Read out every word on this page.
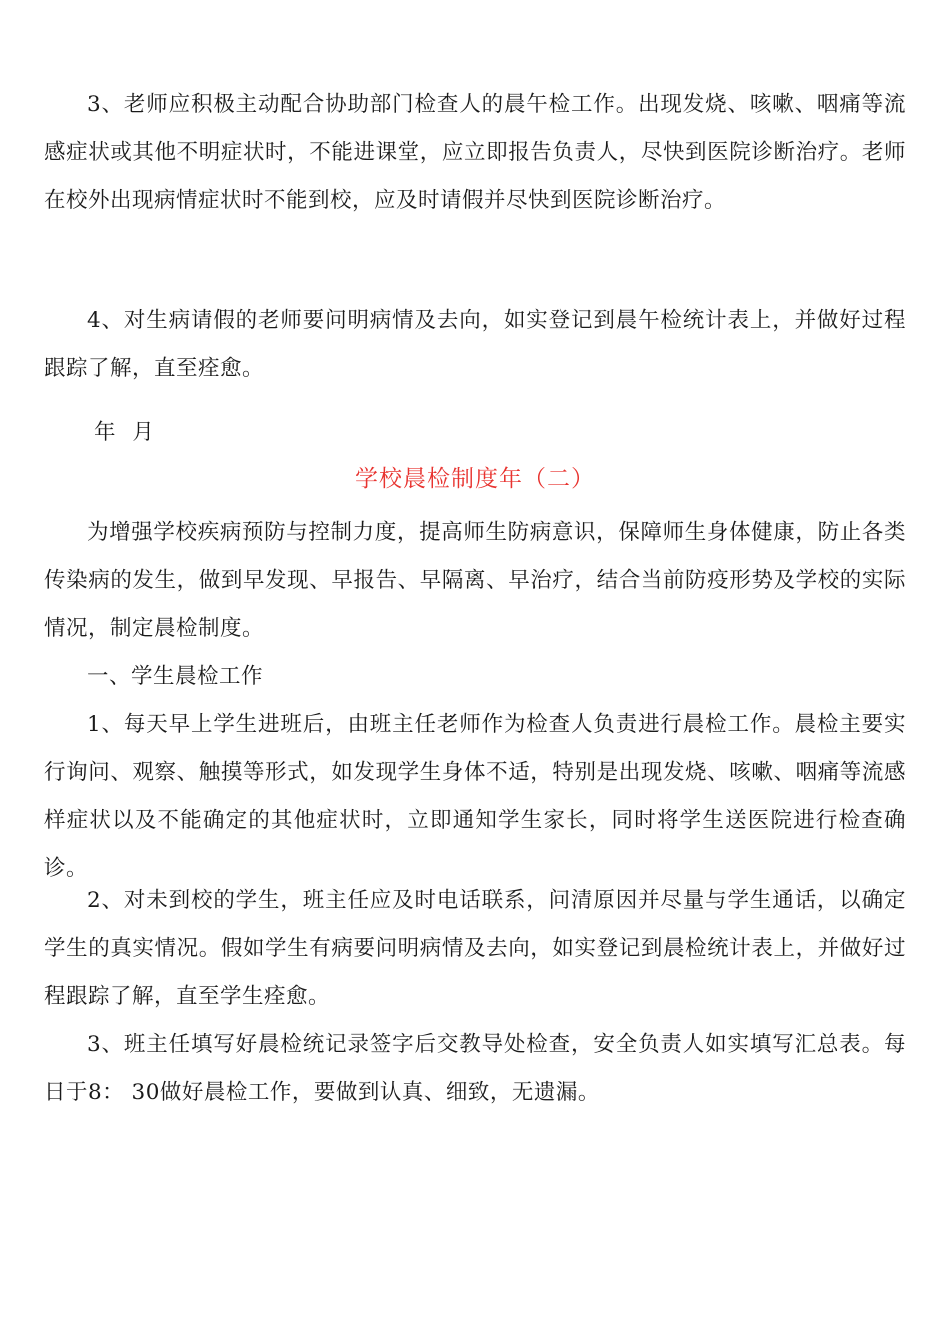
3、老师应积极主动配合协助部门检查人的晨午检工作。出现发烧、咳嗽、咽痛等流感症状或其他不明症状时，不能进课堂，应立即报告负责人，尽快到医院诊断治疗。老师在校外出现病情症状时不能到校，应及时请假并尽快到医院诊断治疗。

4、对生病请假的老师要问明病情及去向，如实登记到晨午检统计表上，并做好过程跟踪了解，直至痊愈。

年 月

学校晨检制度年（二）

为增强学校疾病预防与控制力度，提高师生防病意识，保障师生身体健康，防止各类传染病的发生，做到早发现、早报告、早隔离、早治疗，结合当前防疫形势及学校的实际情况，制定晨检制度。

一、学生晨检工作

1、每天早上学生进班后，由班主任老师作为检查人负责进行晨检工作。晨检主要实行询问、观察、触摸等形式，如发现学生身体不适，特别是出现发烧、咳嗽、咽痛等流感样症状以及不能确定的其他症状时，立即通知学生家长，同时将学生送医院进行检查确诊。

2、对未到校的学生，班主任应及时电话联系，问清原因并尽量与学生通话，以确定学生的真实情况。假如学生有病要问明病情及去向，如实登记到晨检统计表上，并做好过程跟踪了解，直至学生痊愈。

3、班主任填写好晨检统记录签字后交教导处检查，安全负责人如实填写汇总表。每日于8： 30做好晨检工作，要做到认真、细致，无遗漏。
